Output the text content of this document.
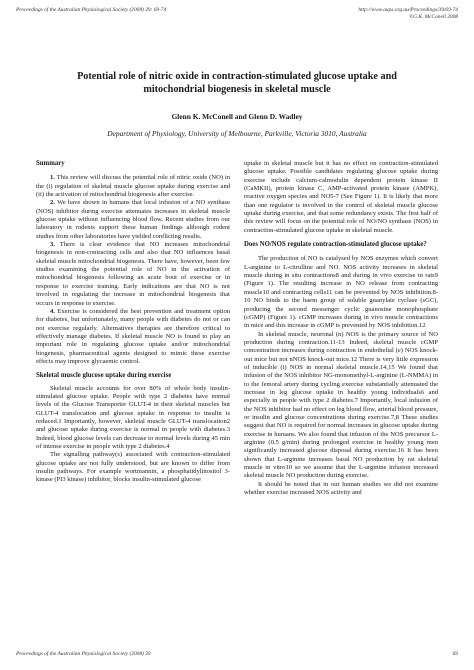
Proceedings of the Australian Physiological Society (2008) 39: 69-74	http://www.aups.org.au/Proceedings/39/69-74
©G.K. McConell 2008
Potential role of nitric oxide in contraction-stimulated glucose uptake and mitochondrial biogenesis in skeletal muscle
Glenn K. McConell and Glenn D. Wadley
Department of Physiology, University of Melbourne, Parkville, Victoria 3010, Australia

Summary

1. This review will discuss the potential role of nitric oxide (NO) in the (i) regulation of skeletal muscle glucose uptake during exercise and (ii) the activation of mitochondrial biogenesis after exercise.

2. We have shown in humans that local infusion of a NO synthase (NOS) inhibitor during exercise attenuates increases in skeletal muscle glucose uptake without influencing blood flow. Recent studies from our laboratory in rodents support these human findings although rodent studies from other laboratories have yielded conflicting results.

3. There is clear evidence that NO increases mitochondrial biogenesis in non-contracting cells and also that NO influences basal skeletal muscle mitochondrial biogenesis. There have, however, been few studies examining the potential role of NO in the activation of mitochondrial biogenesis following an acute bout of exercise or in response to exercise training. Early indications are that NO is not involved in regulating the increase in mitochondrial biogenesis that occurs in response to exercise.

4. Exercise is considered the best prevention and treatment option for diabetes, but unfortunately, many people with diabetes do not or can not exercise regularly. Alternatives therapies are therefore critical to effectively manage diabetes. If skeletal muscle NO is found to play an important role in regulating glucose uptake and/or mitochondrial biogenesis, pharmaceutical agents designed to mimic these exercise effects may improve glycaemic control.

Skeletal muscle glucose uptake during exercise

Skeletal muscle accounts for over 80% of whole body insulin-stimulated glucose uptake. People with type 2 diabetes have normal levels of the Glucose Transporter GLUT-4 in their skeletal muscles but GLUT-4 translocation and glucose uptake in response to insulin is reduced.1 Importantly, however, skeletal muscle GLUT-4 translocation2 and glucose uptake during exercise is normal in people with diabetes.3 Indeed, blood glucose levels can decrease to normal levels during 45 min of intense exercise in people with type 2 diabetes.4

The signalling pathway(s) associated with contraction-stimulated glucose uptake are not fully understood, but are known to differ from insulin pathways. For example wortmannin, a phosphatidylinositol 3-kinase (PI3 kinase) inhibitor, blocks insulin-stimulated glucose

uptake in skeletal muscle but it has no effect on contraction-stimulated glucose uptake. Possible candidates regulating glucose uptake during exercise include calcium-calmodulin dependent protein kinase II (CaMKII), protein kinase C, AMP-activated protein kinase (AMPK), reactive oxygen species and NO5-7 (See Figure 1). It is likely that more than one regulator is involved in the control of skeletal muscle glucose uptake during exercise, and that some redundancy exists. The first half of this review will focus on the potential role of NO/NO synthase (NOS) in contraction-stimulated glucose uptake in skeletal muscle.

Does NO/NOS regulate contraction-stimulated glucose uptake?

The production of NO is catalysed by NOS enzymes which convert L-arginine to L-citrulline and NO. NOS activity increases in skeletal muscle during in situ contractions8 and during in vivo exercise in rats9 (Figure 1). The resulting increase in NO release from contracting muscle10 and contracting cells11 can be prevented by NOS inhibition.8-10 NO binds to the haem group of soluble guanylate cyclase (sGC), producing the second messenger cyclic guanosine monophosphate (cGMP) (Figure 1). cGMP increases during in vivo muscle contractions in mice and this increase in cGMP is prevented by NOS inhibition.12

In skeletal muscle, neuronal (n) NOS is the primary source of NO production during contraction.11-13 Indeed, skeletal muscle cGMP concentration increases during contraction in endothelial (e) NOS knock-out mice but not nNOS knock-out mice.12 There is very little expression of inducible (i) NOS in normal skeletal muscle.14,15 We found that infusion of the NOS inhibitor NG-monomethyl-L-arginine (L-NMMA) in to the femoral artery during cycling exercise substantially attenuated the increase in leg glucose uptake in healthy young individuals6 and especially in people with type 2 diabetes.7 Importantly, local infusion of the NOS inhibitor had no effect on leg blood flow, arterial blood pressure, or insulin and glucose concentrations during exercise.7,8 These studies suggest that NO is required for normal increases in glucose uptake during exercise in humans. We also found that infusion of the NOS precursor L-arginine (0.5 g/min) during prolonged exercise in healthy young men significantly increased glucose disposal during exercise.16 It has been shown that L-arginine increases basal NO production by rat skeletal muscle in vitro10 so we assume that the L-arginine infusion increased skeletal muscle NO production during exercise.

It should be noted that in our human studies we did not examine whether exercise increased NOS activity and

Proceedings of the Australian Physiological Society (2008) 39	69
